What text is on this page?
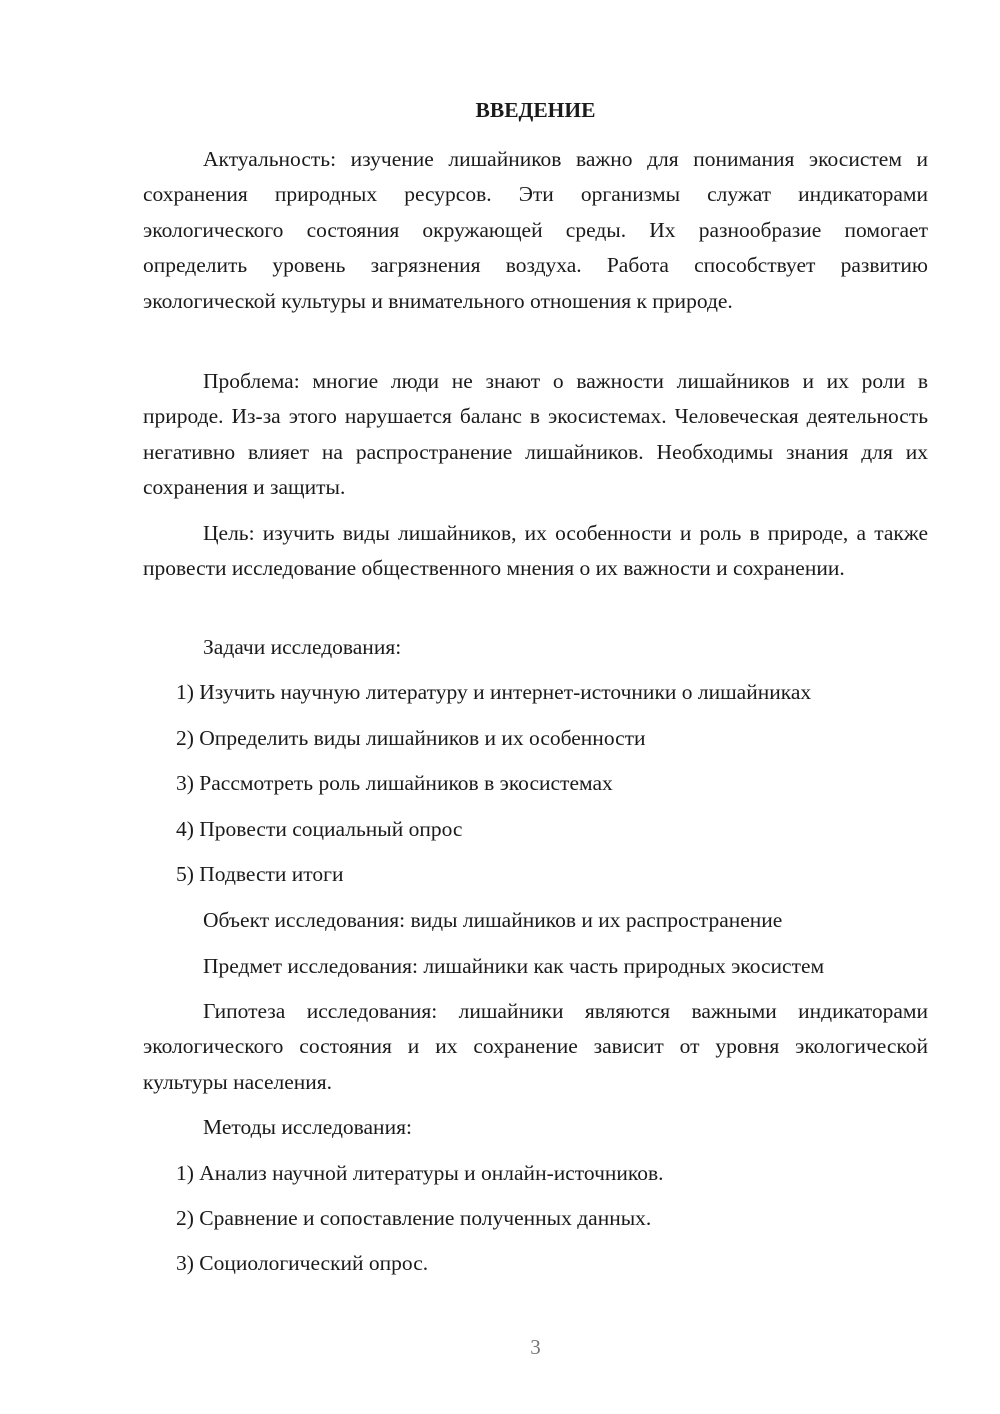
ВВЕДЕНИЕ

Актуальность: изучение лишайников важно для понимания экосистем и сохранения природных ресурсов. Эти организмы служат индикаторами экологического состояния окружающей среды. Их разнообразие помогает определить уровень загрязнения воздуха. Работа способствует развитию экологической культуры и внимательного отношения к природе.

Проблема: многие люди не знают о важности лишайников и их роли в природе. Из-за этого нарушается баланс в экосистемах. Человеческая деятельность негативно влияет на распространение лишайников. Необходимы знания для их сохранения и защиты.

Цель: изучить виды лишайников, их особенности и роль в природе, а также провести исследование общественного мнения о их важности и сохранении.

Задачи исследования:

1) Изучить научную литературу и интернет-источники о лишайниках

2) Определить виды лишайников и их особенности

3) Рассмотреть роль лишайников в экосистемах

4) Провести социальный опрос

5) Подвести итоги

Объект исследования: виды лишайников и их распространение

Предмет исследования: лишайники как часть природных экосистем

Гипотеза исследования: лишайники являются важными индикаторами экологического состояния и их сохранение зависит от уровня экологической культуры населения.

Методы исследования:

1) Анализ научной литературы и онлайн-источников.

2) Сравнение и сопоставление полученных данных.

3) Социологический опрос.

3
